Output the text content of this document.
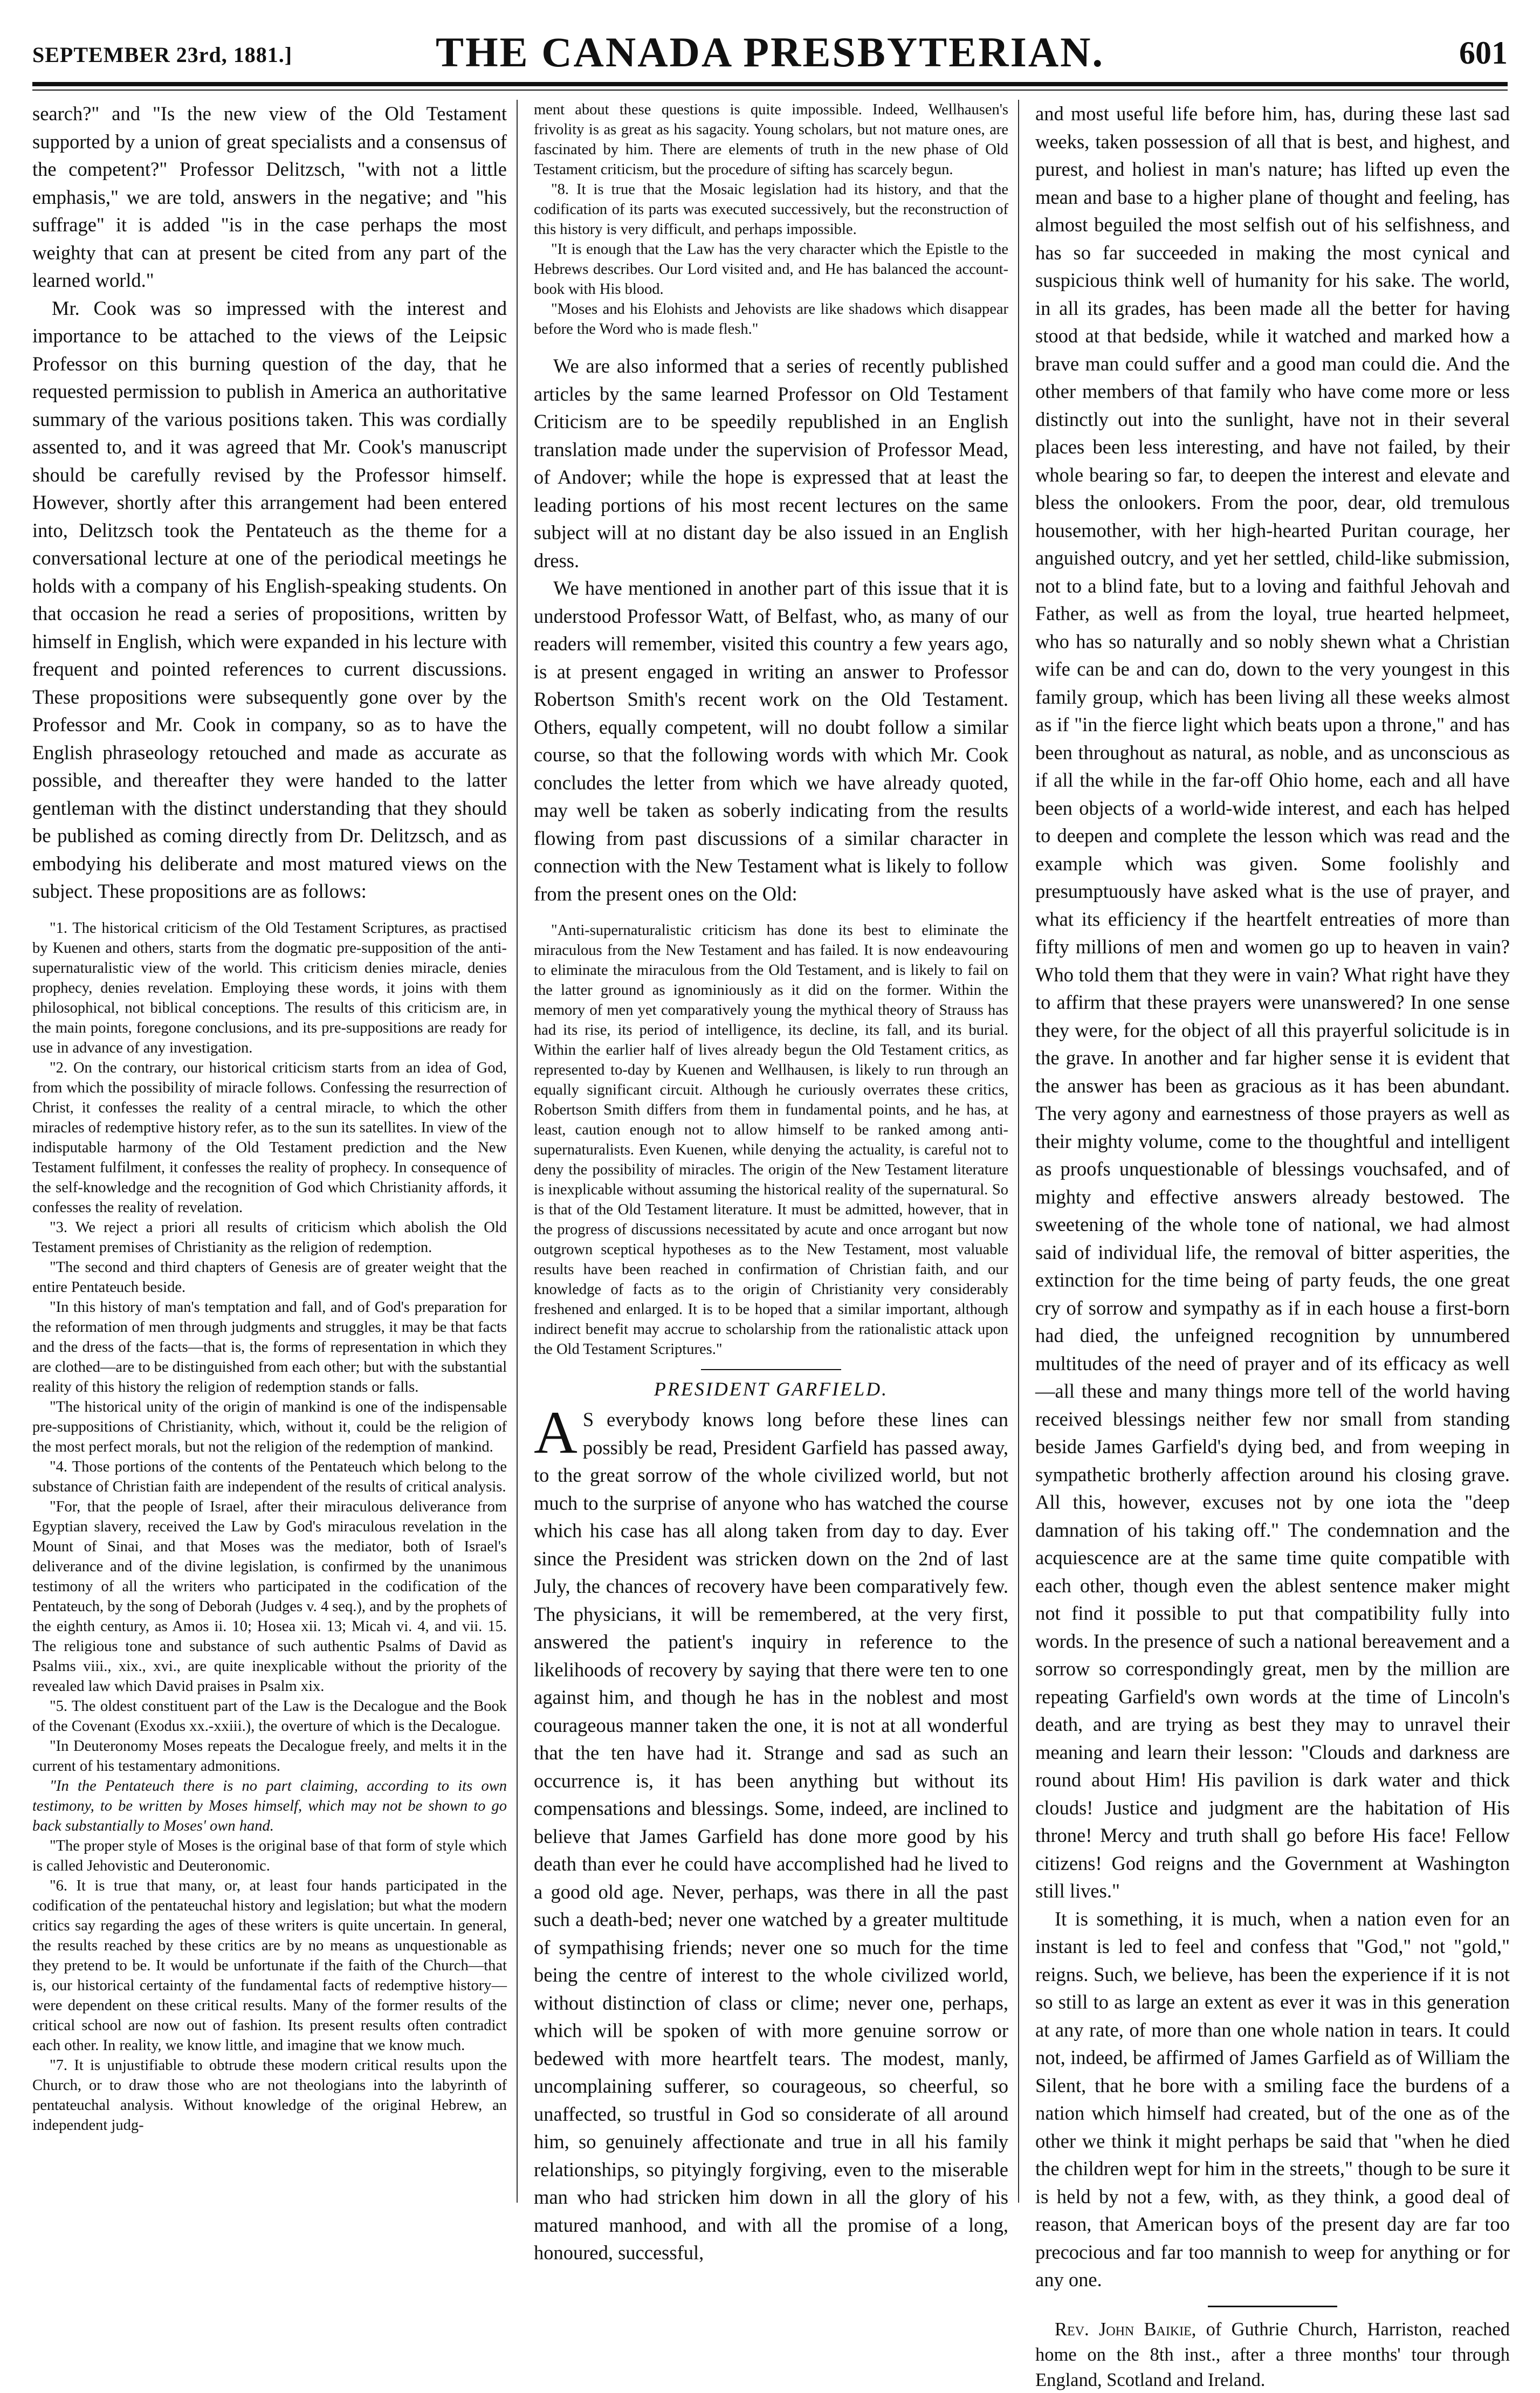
SEPTEMBER 23rd, 1881.]	THE CANADA PRESBYTERIAN.	601

search?" and "Is the new view of the Old Testament supported by a union of great specialists and a consensus of the competent?" Professor Delitzsch, "with not a little emphasis," we are told, answers in the negative; and "his suffrage" it is added "is in the case perhaps the most weighty that can at present be cited from any part of the learned world."

Mr. Cook was so impressed with the interest and importance to be attached to the views of the Leipsic Professor on this burning question of the day, that he requested permission to publish in America an authoritative summary of the various positions taken. This was cordially assented to, and it was agreed that Mr. Cook's manuscript should be carefully revised by the Professor himself. However, shortly after this arrangement had been entered into, Delitzsch took the Pentateuch as the theme for a conversational lecture at one of the periodical meetings he holds with a company of his English-speaking students. On that occasion he read a series of propositions, written by himself in English, which were expanded in his lecture with frequent and pointed references to current discussions. These propositions were subsequently gone over by the Professor and Mr. Cook in company, so as to have the English phraseology retouched and made as accurate as possible, and thereafter they were handed to the latter gentleman with the distinct understanding that they should be published as coming directly from Dr. Delitzsch, and as embodying his deliberate and most matured views on the subject. These propositions are as follows:

"1. The historical criticism of the Old Testament Scriptures, as practised by Kuenen and others, starts from the dogmatic pre-supposition of the anti-supernaturalistic view of the world. This criticism denies miracle, denies prophecy, denies revelation. Employing these words, it joins with them philosophical, not biblical conceptions. The results of this criticism are, in the main points, foregone conclusions, and its pre-suppositions are ready for use in advance of any investigation.

"2. On the contrary, our historical criticism starts from an idea of God, from which the possibility of miracle follows. Confessing the resurrection of Christ, it confesses the reality of a central miracle, to which the other miracles of redemptive history refer, as to the sun its satellites. In view of the indisputable harmony of the Old Testament prediction and the New Testament fulfilment, it confesses the reality of prophecy. In consequence of the self-knowledge and the recognition of God which Christianity affords, it confesses the reality of revelation.

"3. We reject a priori all results of criticism which abolish the Old Testament premises of Christianity as the religion of redemption.

"The second and third chapters of Genesis are of greater weight that the entire Pentateuch beside.

"In this history of man's temptation and fall, and of God's preparation for the reformation of men through judgments and struggles, it may be that facts and the dress of the facts—that is, the forms of representation in which they are clothed—are to be distinguished from each other; but with the substantial reality of this history the religion of redemption stands or falls.

"The historical unity of the origin of mankind is one of the indispensable pre-suppositions of Christianity, which, without it, could be the religion of the most perfect morals, but not the religion of the redemption of mankind.

"4. Those portions of the contents of the Pentateuch which belong to the substance of Christian faith are independent of the results of critical analysis.

"For, that the people of Israel, after their miraculous deliverance from Egyptian slavery, received the Law by God's miraculous revelation in the Mount of Sinai, and that Moses was the mediator, both of Israel's deliverance and of the divine legislation, is confirmed by the unanimous testimony of all the writers who participated in the codification of the Pentateuch, by the song of Deborah (Judges v. 4 seq.), and by the prophets of the eighth century, as Amos ii. 10; Hosea xii. 13; Micah vi. 4, and vii. 15. The religious tone and substance of such authentic Psalms of David as Psalms viii., xix., xvi., are quite inexplicable without the priority of the revealed law which David praises in Psalm xix.

"5. The oldest constituent part of the Law is the Decalogue and the Book of the Covenant (Exodus xx.-xxiii.), the overture of which is the Decalogue.

"In Deuteronomy Moses repeats the Decalogue freely, and melts it in the current of his testamentary admonitions.

"In the Pentateuch there is no part claiming, according to its own testimony, to be written by Moses himself, which may not be shown to go back substantially to Moses' own hand.

"The proper style of Moses is the original base of that form of style which is called Jehovistic and Deuteronomic.

"6. It is true that many, or, at least four hands participated in the codification of the pentateuchal history and legislation; but what the modern critics say regarding the ages of these writers is quite uncertain. In general, the results reached by these critics are by no means as unquestionable as they pretend to be. It would be unfortunate if the faith of the Church—that is, our historical certainty of the fundamental facts of redemptive history—were dependent on these critical results. Many of the former results of the critical school are now out of fashion. Its present results often contradict each other. In reality, we know little, and imagine that we know much.

"7. It is unjustifiable to obtrude these modern critical results upon the Church, or to draw those who are not theologians into the labyrinth of pentateuchal analysis. Without knowledge of the original Hebrew, an independent judg-

ment about these questions is quite impossible. Indeed, Wellhausen's frivolity is as great as his sagacity. Young scholars, but not mature ones, are fascinated by him. There are elements of truth in the new phase of Old Testament criticism, but the procedure of sifting has scarcely begun.

"8. It is true that the Mosaic legislation had its history, and that the codification of its parts was executed successively, but the reconstruction of this history is very difficult, and perhaps impossible.

"It is enough that the Law has the very character which the Epistle to the Hebrews describes. Our Lord visited and, and He has balanced the account-book with His blood.

"Moses and his Elohists and Jehovists are like shadows which disappear before the Word who is made flesh."

We are also informed that a series of recently published articles by the same learned Professor on Old Testament Criticism are to be speedily republished in an English translation made under the supervision of Professor Mead, of Andover; while the hope is expressed that at least the leading portions of his most recent lectures on the same subject will at no distant day be also issued in an English dress.

We have mentioned in another part of this issue that it is understood Professor Watt, of Belfast, who, as many of our readers will remember, visited this country a few years ago, is at present engaged in writing an answer to Professor Robertson Smith's recent work on the Old Testament. Others, equally competent, will no doubt follow a similar course, so that the following words with which Mr. Cook concludes the letter from which we have already quoted, may well be taken as soberly indicating from the results flowing from past discussions of a similar character in connection with the New Testament what is likely to follow from the present ones on the Old:

"Anti-supernaturalistic criticism has done its best to eliminate the miraculous from the New Testament and has failed. It is now endeavouring to eliminate the miraculous from the Old Testament, and is likely to fail on the latter ground as ignominiously as it did on the former. Within the memory of men yet comparatively young the mythical theory of Strauss has had its rise, its period of intelligence, its decline, its fall, and its burial. Within the earlier half of lives already begun the Old Testament critics, as represented to-day by Kuenen and Wellhausen, is likely to run through an equally significant circuit. Although he curiously overrates these critics, Robertson Smith differs from them in fundamental points, and he has, at least, caution enough not to allow himself to be ranked among anti-supernaturalists. Even Kuenen, while denying the actuality, is careful not to deny the possibility of miracles. The origin of the New Testament literature is inexplicable without assuming the historical reality of the supernatural. So is that of the Old Testament literature. It must be admitted, however, that in the progress of discussions necessitated by acute and once arrogant but now outgrown sceptical hypotheses as to the New Testament, most valuable results have been reached in confirmation of Christian faith, and our knowledge of facts as to the origin of Christianity very considerably freshened and enlarged. It is to be hoped that a similar important, although indirect benefit may accrue to scholarship from the rationalistic attack upon the Old Testament Scriptures."

PRESIDENT GARFIELD.

A S everybody knows long before these lines can possibly be read, President Garfield has passed away, to the great sorrow of the whole civilized world, but not much to the surprise of anyone who has watched the course which his case has all along taken from day to day. Ever since the President was stricken down on the 2nd of last July, the chances of recovery have been comparatively few. The physicians, it will be remembered, at the very first, answered the patient's inquiry in reference to the likelihoods of recovery by saying that there were ten to one against him, and though he has in the noblest and most courageous manner taken the one, it is not at all wonderful that the ten have had it. Strange and sad as such an occurrence is, it has been anything but without its compensations and blessings. Some, indeed, are inclined to believe that James Garfield has done more good by his death than ever he could have accomplished had he lived to a good old age. Never, perhaps, was there in all the past such a death-bed; never one watched by a greater multitude of sympathising friends; never one so much for the time being the centre of interest to the whole civilized world, without distinction of class or clime; never one, perhaps, which will be spoken of with more genuine sorrow or bedewed with more heartfelt tears. The modest, manly, uncomplaining sufferer, so courageous, so cheerful, so unaffected, so trustful in God so considerate of all around him, so genuinely affectionate and true in all his family relationships, so pityingly forgiving, even to the miserable man who had stricken him down in all the glory of his matured manhood, and with all the promise of a long, honoured, successful,

and most useful life before him, has, during these last sad weeks, taken possession of all that is best, and highest, and purest, and holiest in man's nature; has lifted up even the mean and base to a higher plane of thought and feeling, has almost beguiled the most selfish out of his selfishness, and has so far succeeded in making the most cynical and suspicious think well of humanity for his sake. The world, in all its grades, has been made all the better for having stood at that bedside, while it watched and marked how a brave man could suffer and a good man could die. And the other members of that family who have come more or less distinctly out into the sunlight, have not in their several places been less interesting, and have not failed, by their whole bearing so far, to deepen the interest and elevate and bless the onlookers. From the poor, dear, old tremulous housemother, with her high-hearted Puritan courage, her anguished outcry, and yet her settled, child-like submission, not to a blind fate, but to a loving and faithful Jehovah and Father, as well as from the loyal, true hearted helpmeet, who has so naturally and so nobly shewn what a Christian wife can be and can do, down to the very youngest in this family group, which has been living all these weeks almost as if "in the fierce light which beats upon a throne," and has been throughout as natural, as noble, and as unconscious as if all the while in the far-off Ohio home, each and all have been objects of a world-wide interest, and each has helped to deepen and complete the lesson which was read and the example which was given. Some foolishly and presumptuously have asked what is the use of prayer, and what its efficiency if the heartfelt entreaties of more than fifty millions of men and women go up to heaven in vain? Who told them that they were in vain? What right have they to affirm that these prayers were unanswered? In one sense they were, for the object of all this prayerful solicitude is in the grave. In another and far higher sense it is evident that the answer has been as gracious as it has been abundant. The very agony and earnestness of those prayers as well as their mighty volume, come to the thoughtful and intelligent as proofs unquestionable of blessings vouchsafed, and of mighty and effective answers already bestowed. The sweetening of the whole tone of national, we had almost said of individual life, the removal of bitter asperities, the extinction for the time being of party feuds, the one great cry of sorrow and sympathy as if in each house a first-born had died, the unfeigned recognition by unnumbered multitudes of the need of prayer and of its efficacy as well—all these and many things more tell of the world having received blessings neither few nor small from standing beside James Garfield's dying bed, and from weeping in sympathetic brotherly affection around his closing grave. All this, however, excuses not by one iota the "deep damnation of his taking off." The condemnation and the acquiescence are at the same time quite compatible with each other, though even the ablest sentence maker might not find it possible to put that compatibility fully into words. In the presence of such a national bereavement and a sorrow so correspondingly great, men by the million are repeating Garfield's own words at the time of Lincoln's death, and are trying as best they may to unravel their meaning and learn their lesson: "Clouds and darkness are round about Him! His pavilion is dark water and thick clouds! Justice and judgment are the habitation of His throne! Mercy and truth shall go before His face! Fellow citizens! God reigns and the Government at Washington still lives."

It is something, it is much, when a nation even for an instant is led to feel and confess that "God," not "gold," reigns. Such, we believe, has been the experience if it is not so still to as large an extent as ever it was in this generation at any rate, of more than one whole nation in tears. It could not, indeed, be affirmed of James Garfield as of William the Silent, that he bore with a smiling face the burdens of a nation which himself had created, but of the one as of the other we think it might perhaps be said that "when he died the children wept for him in the streets," though to be sure it is held by not a few, with, as they think, a good deal of reason, that American boys of the present day are far too precocious and far too mannish to weep for anything or for any one.

Rev. John Baikie, of Guthrie Church, Harriston, reached home on the 8th inst., after a three months' tour through England, Scotland and Ireland.
